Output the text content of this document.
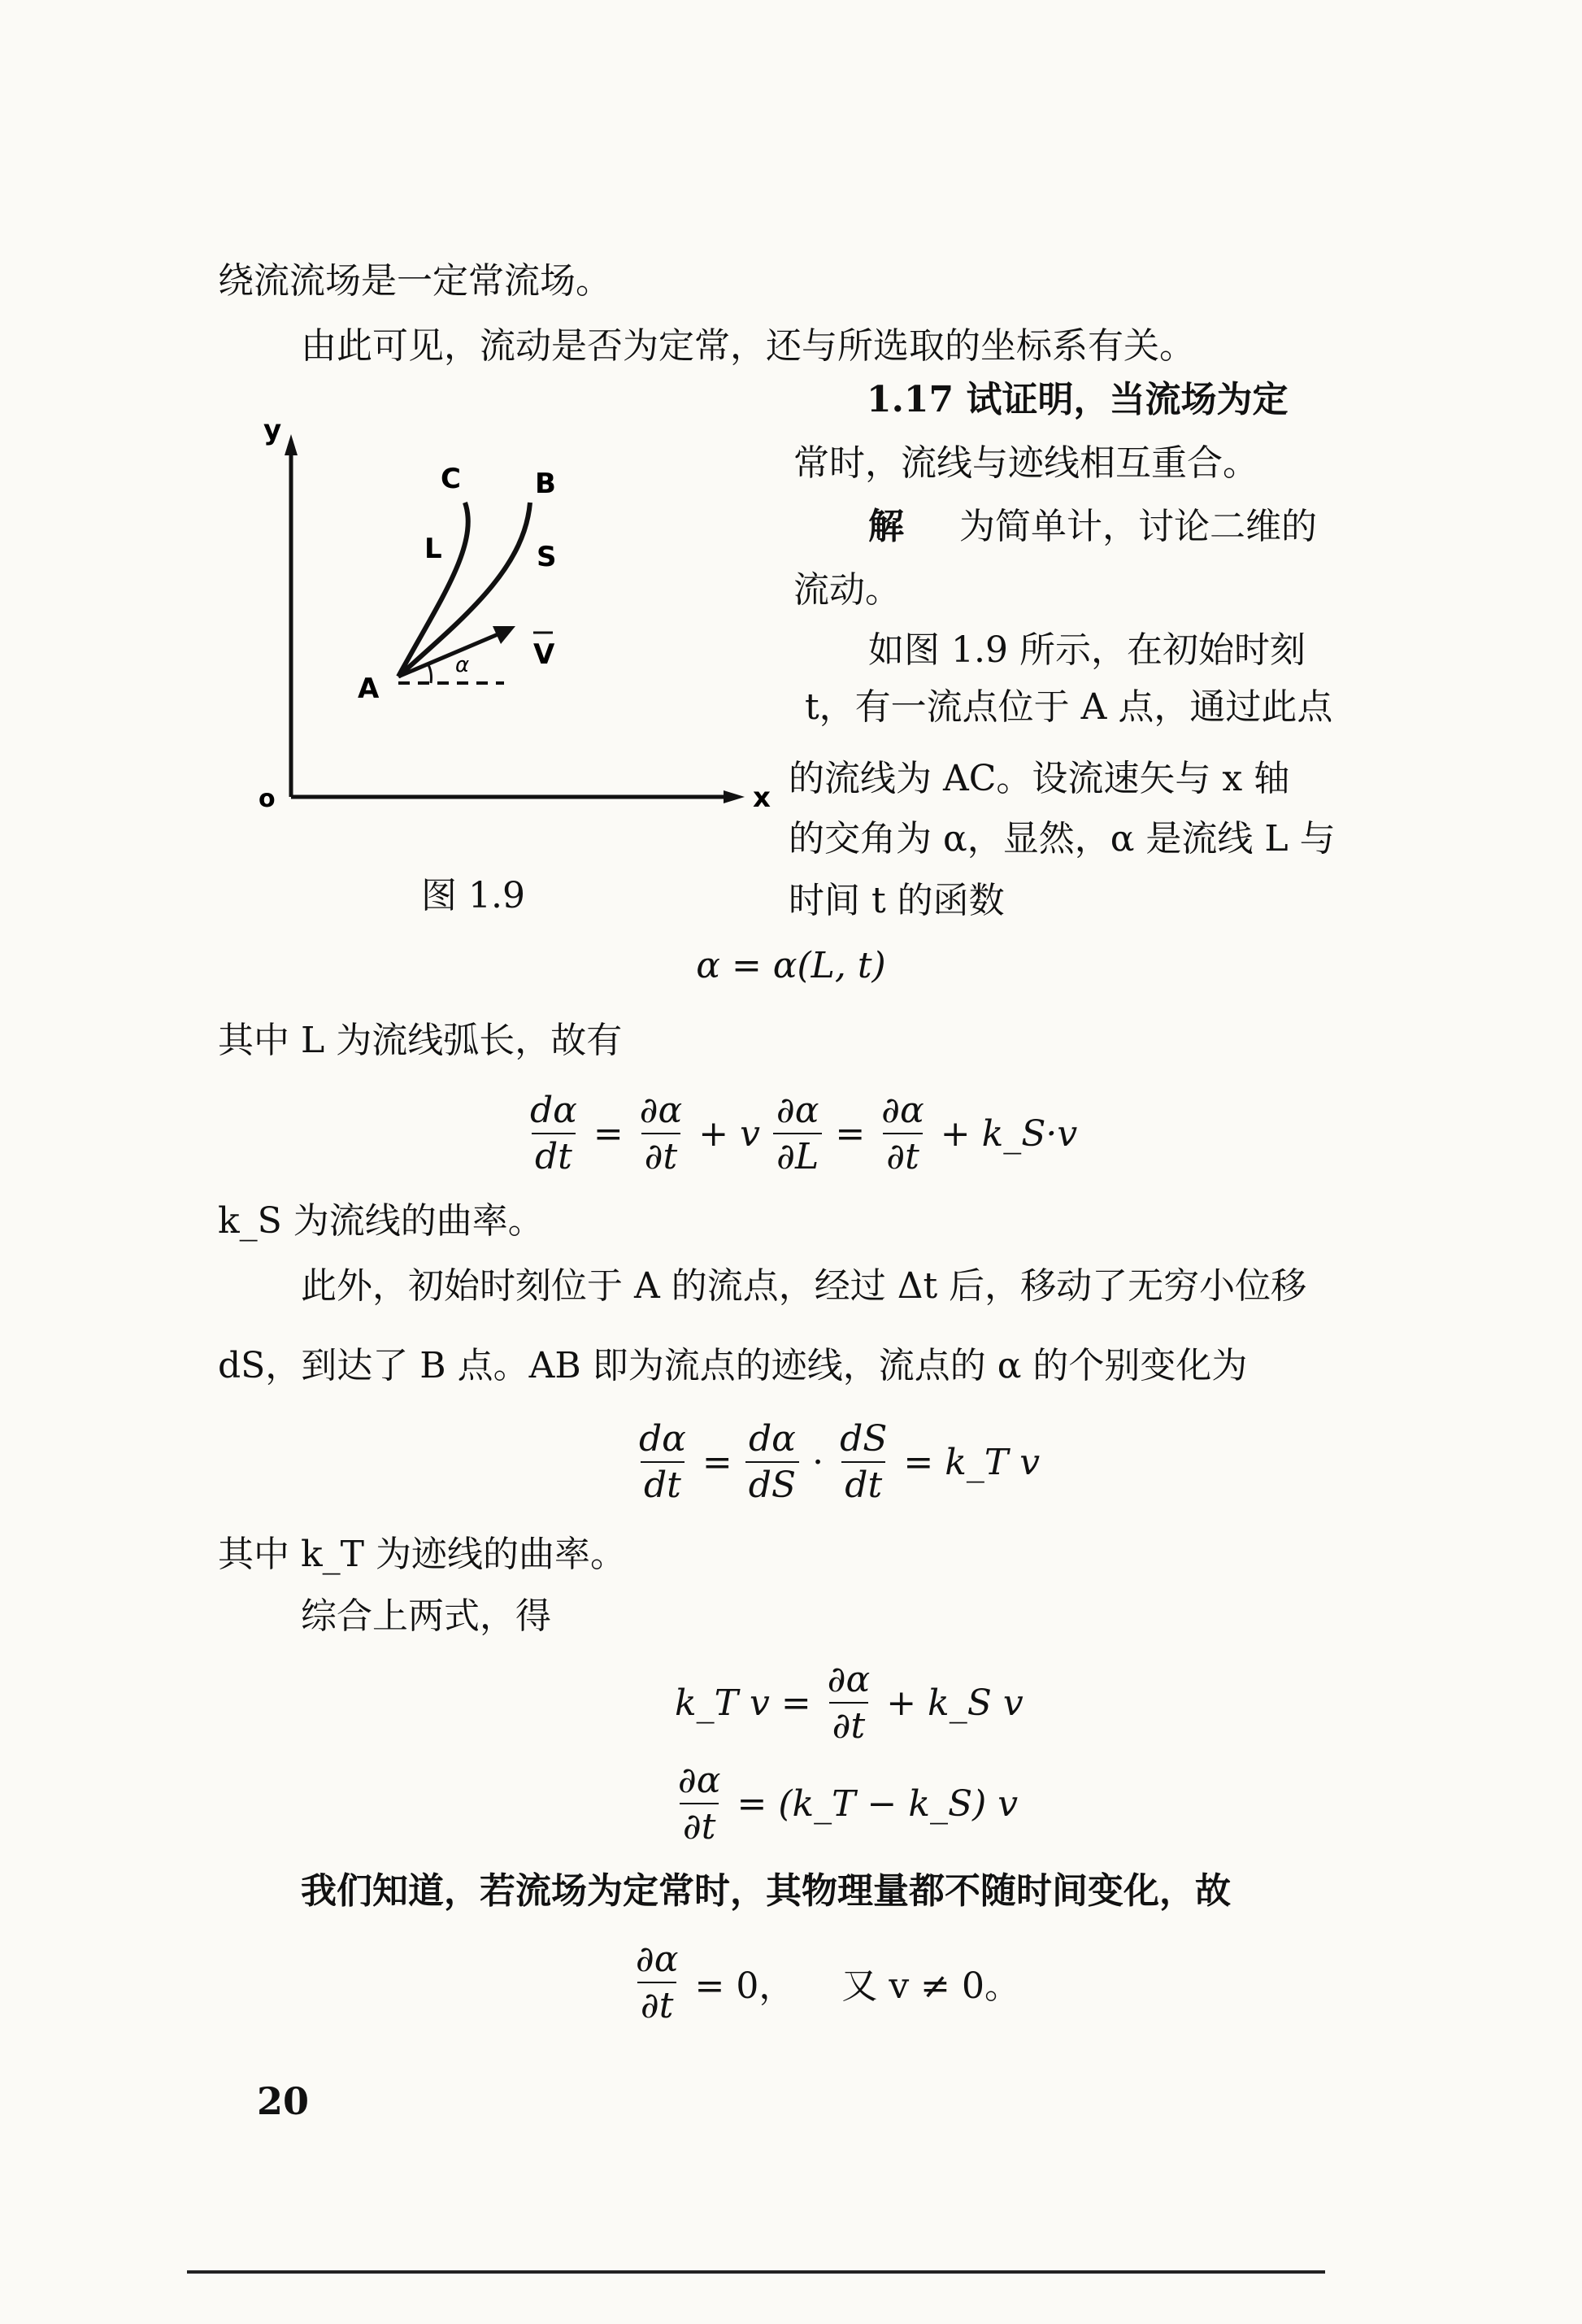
绕流流场是一定常流场。
由此可见，流动是否为定常，还与所选取的坐标系有关。
1.17 试证明，当流场为定
常时，流线与迹线相互重合。
解 为简单计，讨论二维的
流动。
如图 1.9 所示，在初始时刻
t，有一流点位于 A 点，通过此点
的流线为 AC。设流速矢与 x 轴
的交角为 α，显然，α 是流线 L 与
时间 t 的函数
y
x
o
A
C	B
L	S
V
α
图 1.9
α = α(L, t)
其中 L 为流线弧长，故有
$\frac{d\alpha}{dt} = \frac{\partial\alpha}{\partial t} + v \frac{\partial\alpha}{\partial L} = \frac{\partial\alpha}{\partial t}$ + k_S·v
k_S 为流线的曲率。
此外，初始时刻位于 A 的流点，经过 Δt 后，移动了无穷小位移
dS，到达了 B 点。AB 即为流点的迹线，流点的 α 的个别变化为
$\frac{d\alpha}{dt} = \frac{d\alpha}{dS} \cdot \frac{dS}{dt}$ = k_T v
其中 k_T 为迹线的曲率。
综合上两式，得
k_T $v = \frac{\partial\alpha}{\partial t}$ + k_S v
$\frac{\partial\alpha}{\partial t}$ = (k_T − k_S) v
我们知道，若流场为定常时，其物理量都不随时间变化，故
$\frac{\partial\alpha}{\partial t} = 0$， 又 v ≠ 0。
20
